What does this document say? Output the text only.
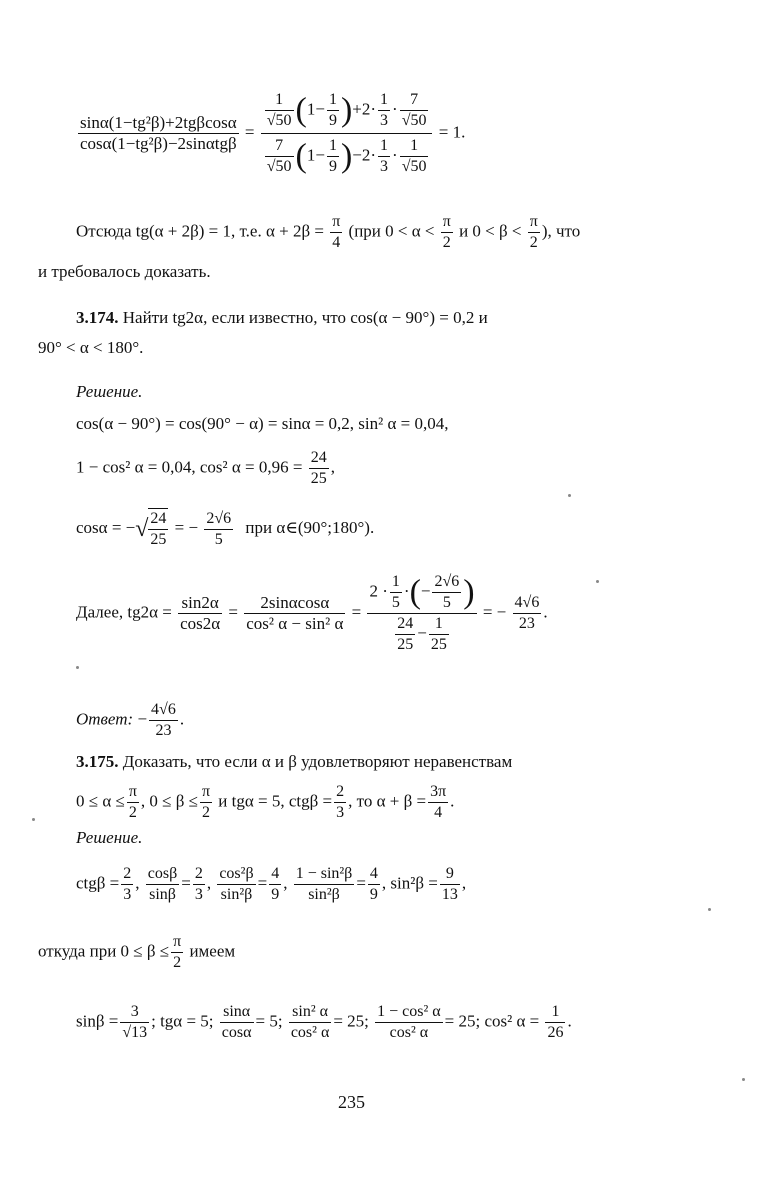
$\frac{\text{sinα(1−tg²β)+2tgβcosα}}{\text{cosα(1−tg²β)−2sinαtgβ}} = \frac{\frac{1}{√50} (1- \frac{1}{9} )+2\cdot \frac{1}{3} \cdot \frac{7}{√50}}{\frac{7}{√50} (1- \frac{1}{9} )-2\cdot \frac{1}{3} \cdot \frac{1}{√50}} = 1$.
Отсюда tg(α + 2β) = 1, т.е. $\alpha + 2\beta = \frac{\pi}{4} (при$ $0 < \alpha < \frac{\pi}{2}$ и $0 < \beta < \frac{\pi}{2}$ ), что
и требовалось доказать.
3.174. Найти tg2α, если известно, что cos(α − 90°) = 0,2 и
90° < α < 180°.
Решение.
cos(α − 90°) = cos(90° − α) = sinα = 0,2, sin² α = 0,04,
1 − cos² α = 0,04, cos² $\alpha = 0,96 = \frac{24}{25}$ ,
cosα = −√ $\frac{24}{25}$ = − $\frac{2√6}{5}$ при α∈(90°;180°).
Далее, $tg2\alpha = \frac{\sin 2\alpha}{\cos 2\alpha} = \frac{2\sin\alpha\cos\alpha}{\text{cos² α − sin² α}} = \frac{2 \cdot \frac{1}{5} \cdot(- \frac{2√6}{5} )}{\frac{24}{25} - \frac{1}{25}}$ = − $\frac{4√6}{23}$ .
Ответ: − $\frac{4√6}{23}$ .
3.175. Доказать, что если α и β удовлетворяют неравенствам
$0 \le \alpha \le \frac{\pi}{2}$ , $0 \le \beta \le \frac{\pi}{2}$ и tgα = 5, $ctg\beta = \frac{2}{3}$ , то $\alpha + \beta = \frac{3\pi}{4}$ .
Решение.
$ctg\beta = \frac{2}{3}$ , $\frac{\cos\beta}{\sin\beta} = \frac{2}{3}$ , $\frac{\text{cos²β}}{\text{sin²β}} = \frac{4}{9}$ , $\frac{\text{1 − sin²β}}{\text{sin²β}} = \frac{4}{9}$ , $\sin^2\beta = \frac{9}{13}$ ,
откуда при $0 \le \beta \le \frac{\pi}{2}$ имеем
$\sin\beta = \frac{3}{√13}$ ; tgα = 5; $\frac{\sin\alpha}{\cos\alpha} = 5$; $\frac{\text{sin² α}}{\text{cos² α}} = 25$; $\frac{\text{1 − cos² α}}{\text{cos² α}} = 25$; cos² $\alpha = \frac{1}{26}$ .
235
